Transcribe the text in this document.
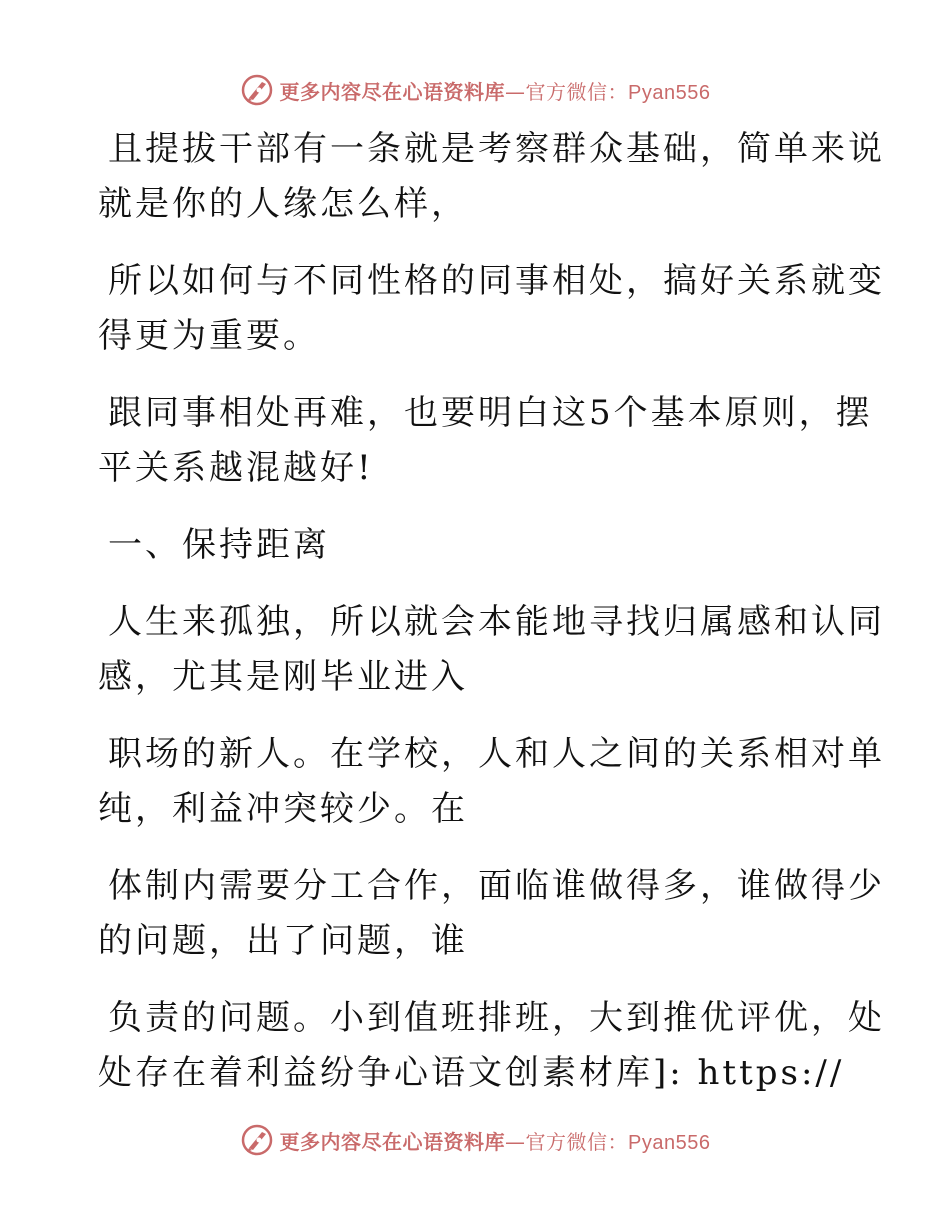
更多内容尽在心语资料库—官方微信：Pyan556

且提拔干部有一条就是考察群众基础，简单来说
就是你的人缘怎么样，

所以如何与不同性格的同事相处，搞好关系就变
得更为重要。

跟同事相处再难，也要明白这5个基本原则，摆
平关系越混越好!

一、保持距离

人生来孤独，所以就会本能地寻找归属感和认同
感，尤其是刚毕业进入

职场的新人。在学校，人和人之间的关系相对单
纯，利益冲突较少。在

体制内需要分工合作，面临谁做得多，谁做得少
的问题，出了问题，谁

负责的问题。小到值班排班，大到推优评优，处
处存在着利益纷争心语文创素材库]: https://

更多内容尽在心语资料库—官方微信：Pyan556
